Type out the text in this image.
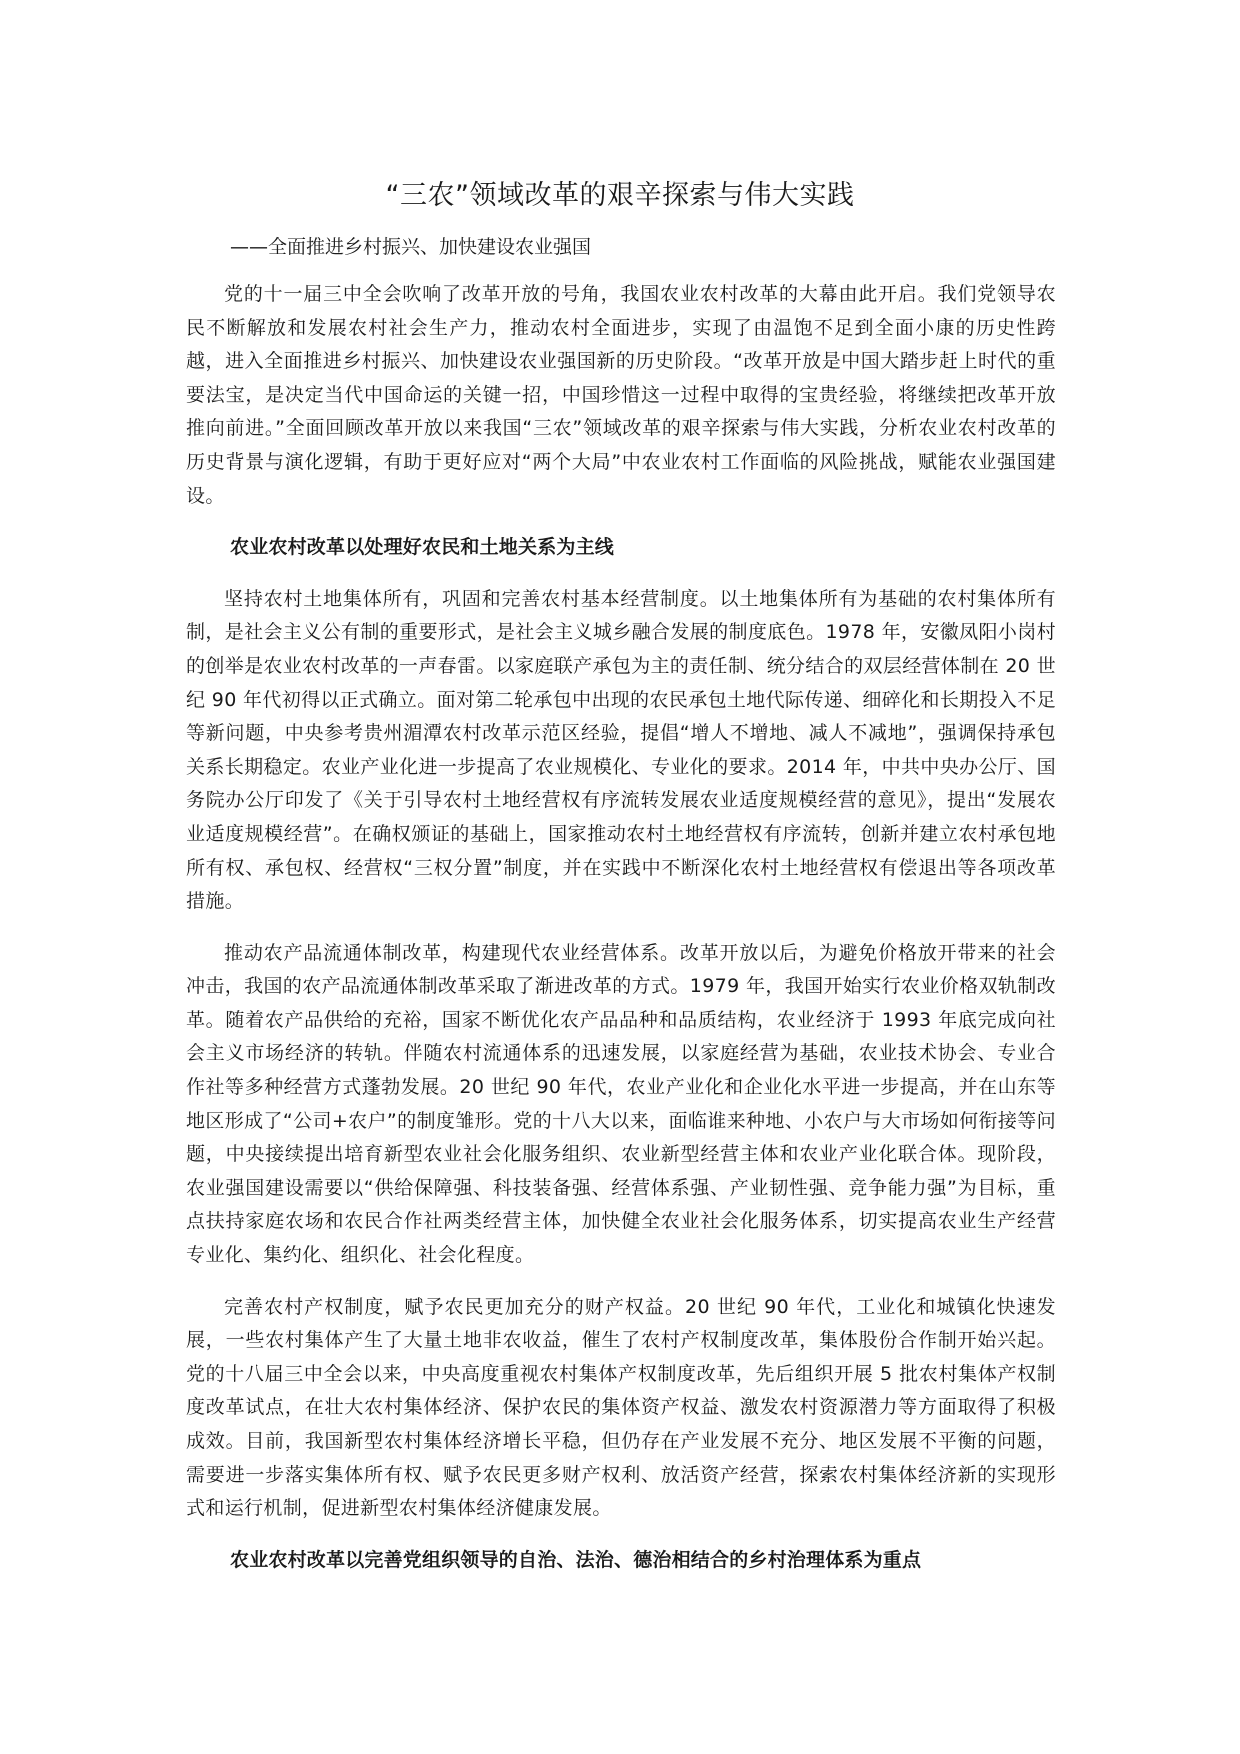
“三农”领域改革的艰辛探索与伟大实践

——全面推进乡村振兴、加快建设农业强国

党的十一届三中全会吹响了改革开放的号角，我国农业农村改革的大幕由此开启。我们党领导农民不断解放和发展农村社会生产力，推动农村全面进步，实现了由温饱不足到全面小康的历史性跨越，进入全面推进乡村振兴、加快建设农业强国新的历史阶段。“改革开放是中国大踏步赶上时代的重要法宝，是决定当代中国命运的关键一招，中国珍惜这一过程中取得的宝贵经验，将继续把改革开放推向前进。”全面回顾改革开放以来我国“三农”领域改革的艰辛探索与伟大实践，分析农业农村改革的历史背景与演化逻辑，有助于更好应对“两个大局”中农业农村工作面临的风险挑战，赋能农业强国建设。

农业农村改革以处理好农民和土地关系为主线

坚持农村土地集体所有，巩固和完善农村基本经营制度。以土地集体所有为基础的农村集体所有制，是社会主义公有制的重要形式，是社会主义城乡融合发展的制度底色。1978 年，安徽凤阳小岗村的创举是农业农村改革的一声春雷。以家庭联产承包为主的责任制、统分结合的双层经营体制在 20 世纪 90 年代初得以正式确立。面对第二轮承包中出现的农民承包土地代际传递、细碎化和长期投入不足等新问题，中央参考贵州湄潭农村改革示范区经验，提倡“增人不增地、减人不减地”，强调保持承包关系长期稳定。农业产业化进一步提高了农业规模化、专业化的要求。2014 年，中共中央办公厅、国务院办公厅印发了《关于引导农村土地经营权有序流转发展农业适度规模经营的意见》，提出“发展农业适度规模经营”。在确权颁证的基础上，国家推动农村土地经营权有序流转，创新并建立农村承包地所有权、承包权、经营权“三权分置”制度，并在实践中不断深化农村土地经营权有偿退出等各项改革措施。

推动农产品流通体制改革，构建现代农业经营体系。改革开放以后，为避免价格放开带来的社会冲击，我国的农产品流通体制改革采取了渐进改革的方式。1979 年，我国开始实行农业价格双轨制改革。随着农产品供给的充裕，国家不断优化农产品品种和品质结构，农业经济于 1993 年底完成向社会主义市场经济的转轨。伴随农村流通体系的迅速发展，以家庭经营为基础，农业技术协会、专业合作社等多种经营方式蓬勃发展。20 世纪 90 年代，农业产业化和企业化水平进一步提高，并在山东等地区形成了“公司+农户”的制度雏形。党的十八大以来，面临谁来种地、小农户与大市场如何衔接等问题，中央接续提出培育新型农业社会化服务组织、农业新型经营主体和农业产业化联合体。现阶段，农业强国建设需要以“供给保障强、科技装备强、经营体系强、产业韧性强、竞争能力强”为目标，重点扶持家庭农场和农民合作社两类经营主体，加快健全农业社会化服务体系，切实提高农业生产经营专业化、集约化、组织化、社会化程度。

完善农村产权制度，赋予农民更加充分的财产权益。20 世纪 90 年代，工业化和城镇化快速发展，一些农村集体产生了大量土地非农收益，催生了农村产权制度改革，集体股份合作制开始兴起。党的十八届三中全会以来，中央高度重视农村集体产权制度改革，先后组织开展 5 批农村集体产权制度改革试点，在壮大农村集体经济、保护农民的集体资产权益、激发农村资源潜力等方面取得了积极成效。目前，我国新型农村集体经济增长平稳，但仍存在产业发展不充分、地区发展不平衡的问题，需要进一步落实集体所有权、赋予农民更多财产权利、放活资产经营，探索农村集体经济新的实现形式和运行机制，促进新型农村集体经济健康发展。

农业农村改革以完善党组织领导的自治、法治、德治相结合的乡村治理体系为重点
